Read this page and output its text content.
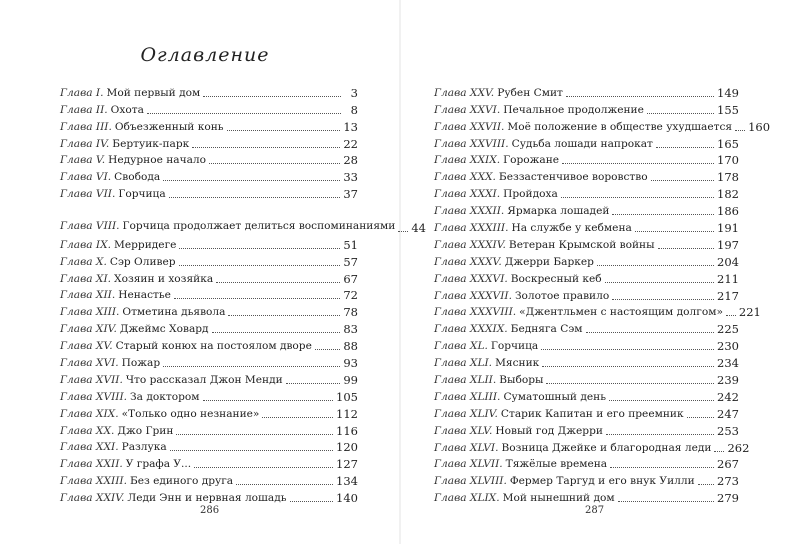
Оглавление
Глава I. Мой первый дом	3
Глава II. Охота	8
Глава III. Объезженный конь	13
Глава IV. Бертуик-парк	22
Глава V. Недурное начало	28
Глава VI. Свобода	33
Глава VII. Горчица	37
Глава VIII. Горчица продолжает делиться воспоминаниями 44
Глава IX. Мерридеге	51
Глава X. Сэр Оливер	57
Глава XI. Хозяин и хозяйка	67
Глава XII. Ненастье	72
Глава XIII. Отметина дьявола	78
Глава XIV. Джеймс Ховард	83
Глава XV. Старый конюх на постоялом дворе	88
Глава XVI. Пожар	93
Глава XVII. Что рассказал Джон Менди	99
Глава XVIII. За доктором	105
Глава XIX. «Только одно незнание»	112
Глава XX. Джо Грин	116
Глава XXI. Разлука	120
Глава XXII. У графа У...	127
Глава XXIII. Без единого друга	134
Глава XXIV. Леди Энн и нервная лошадь	140
Глава XXV. Рубен Смит	149
Глава XXVI. Печальное продолжение	155
Глава XXVII. Моё положение в обществе ухудшается 160
Глава XXVIII. Судьба лошади напрокат	165
Глава XXIX. Горожане	170
Глава XXX. Беззастенчивое воровство	178
Глава XXXI. Пройдоха	182
Глава XXXII. Ярмарка лошадей	186
Глава XXXIII. На службе у кебмена	191
Глава XXXIV. Ветеран Крымской войны	197
Глава XXXV. Джерри Баркер	204
Глава XXXVI. Воскресный кеб	211
Глава XXXVII. Золотое правило	217
Глава XXXVIII. «Джентльмен с настоящим долгом» 221
Глава XXXIX. Бедняга Сэм	225
Глава XL. Горчица	230
Глава XLI. Мясник	234
Глава XLII. Выборы	239
Глава XLIII. Суматошный день	242
Глава XLIV. Старик Капитан и его преемник	247
Глава XLV. Новый год Джерри	253
Глава XLVI. Возница Джейке и благородная леди 262
Глава XLVII. Тяжёлые времена	267
Глава XLVIII. Фермер Таргуд и его внук Уилли 273
Глава XLIX. Мой нынешний дом	279
286	287
